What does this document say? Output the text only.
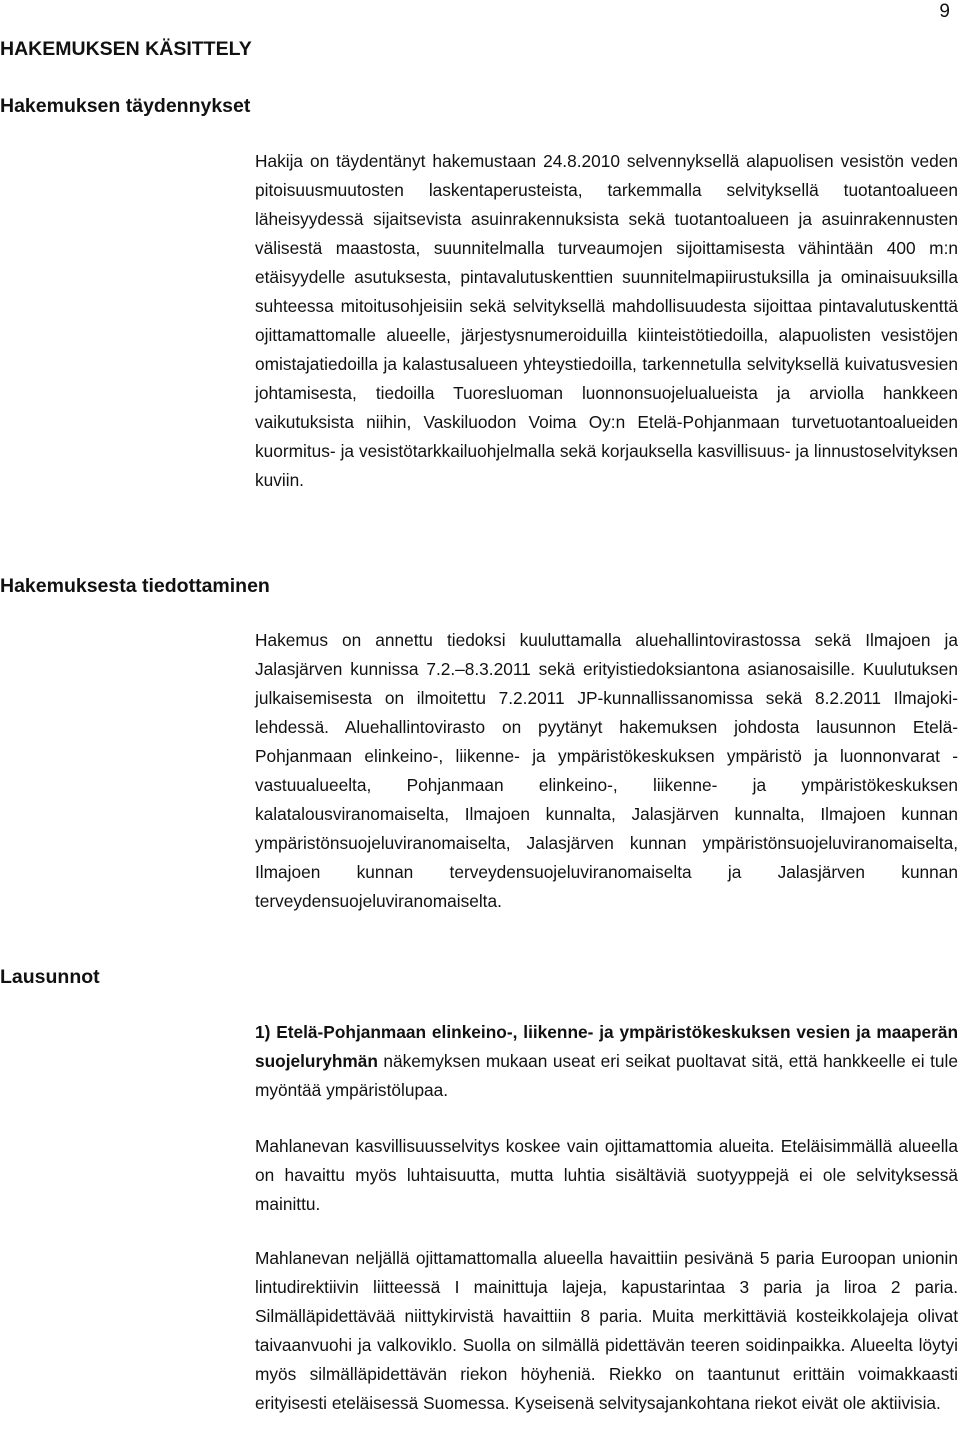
9
HAKEMUKSEN KÄSITTELY
Hakemuksen täydennykset

Hakija on täydentänyt hakemustaan 24.8.2010 selvennyksellä alapuolisen vesistön veden pitoisuusmuutosten laskentaperusteista, tarkemmalla selvityksellä tuotantoalueen läheisyydessä sijaitsevista asuinrakennuksista sekä tuotantoalueen ja asuinrakennusten välisestä maastosta, suunnitelmalla turveaumojen sijoittamisesta vähintään 400 m:n etäisyydelle asutuksesta, pintavalutuskenttien suunnitelmapiirustuksilla ja ominaisuuksilla suhteessa mitoitusohjeisiin sekä selvityksellä mahdollisuudesta sijoittaa pintavalutuskenttä ojittamattomalle alueelle, järjestysnumeroiduilla kiinteistötiedoilla, alapuolisten vesistöjen omistajatiedoilla ja kalastusalueen yhteystiedoilla, tarkennetulla selvityksellä kuivatusvesien johtamisesta, tiedoilla Tuoresluoman luonnonsuojelualueista ja arviolla hankkeen vaikutuksista niihin, Vaskiluodon Voima Oy:n Etelä-Pohjanmaan turvetuotantoalueiden kuormitus- ja vesistötarkkailuohjelmalla sekä korjauksella kasvillisuus- ja linnustoselvityksen kuviin.

Hakemuksesta tiedottaminen

Hakemus on annettu tiedoksi kuuluttamalla aluehallintovirastossa sekä Ilmajoen ja Jalasjärven kunnissa 7.2.–8.3.2011 sekä erityistiedoksiantona asianosaisille. Kuulutuksen julkaisemisesta on ilmoitettu 7.2.2011 JP-kunnallissanomissa sekä 8.2.2011 Ilmajoki-lehdessä. Aluehallintovirasto on pyytänyt hakemuksen johdosta lausunnon Etelä-Pohjanmaan elinkeino-, liikenne- ja ympäristökeskuksen ympäristö ja luonnonvarat -vastuualueelta, Pohjanmaan elinkeino-, liikenne- ja ympäristökeskuksen kalatalousviranomaiselta, Ilmajoen kunnalta, Jalasjärven kunnalta, Ilmajoen kunnan ympäristönsuojeluviranomaiselta, Jalasjärven kunnan ympäristönsuojeluviranomaiselta, Ilmajoen kunnan terveydensuojeluviranomaiselta ja Jalasjärven kunnan terveydensuojeluviranomaiselta.

Lausunnot

1) Etelä-Pohjanmaan elinkeino-, liikenne- ja ympäristökeskuksen vesien ja maaperän suojeluryhmän näkemyksen mukaan useat eri seikat puoltavat sitä, että hankkeelle ei tule myöntää ympäristölupaa.

Mahlanevan kasvillisuusselvitys koskee vain ojittamattomia alueita. Eteläisimmällä alueella on havaittu myös luhtaisuutta, mutta luhtia sisältäviä suotyyppejä ei ole selvityksessä mainittu.

Mahlanevan neljällä ojittamattomalla alueella havaittiin pesivänä 5 paria Euroopan unionin lintudirektiivin liitteessä I mainittuja lajeja, kapustarintaa 3 paria ja liroa 2 paria. Silmälläpidettävää niittykirvistä havaittiin 8 paria. Muita merkittäviä kosteikkolajeja olivat taivaanvuohi ja valkoviklo. Suolla on silmällä pidettävän teeren soidinpaikka. Alueelta löytyi myös silmälläpidettävän riekon höyheniä. Riekko on taantunut erittäin voimakkaasti erityisesti eteläisessä Suomessa. Kyseisenä selvitysajankohtana riekot eivät ole aktiivisia.
